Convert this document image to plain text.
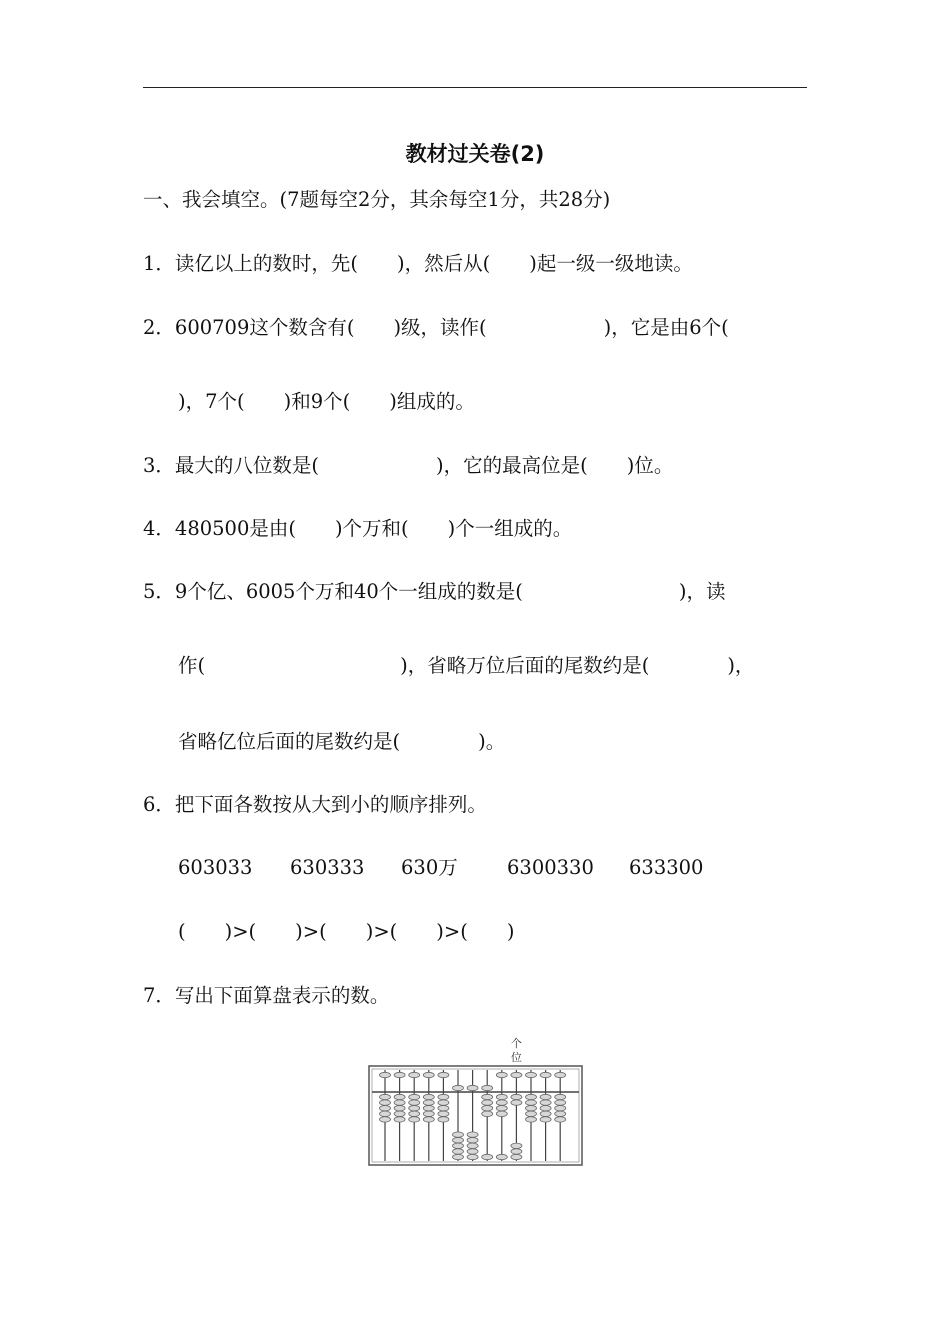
教材过关卷(2)
一、我会填空。(7题每空2分，其余每空1分，共28分)
1．读亿以上的数时，先(　　)，然后从(　　)起一级一级地读。
2．600709这个数含有(　　)级，读作(　　　　　　)，它是由6个(
)，7个(　　)和9个(　　)组成的。
3．最大的八位数是(　　　　　　)，它的最高位是(　　)位。
4．480500是由(　　)个万和(　　)个一组成的。
5．9个亿、6005个万和40个一组成的数是(　　　　　　　　)，读
作(　　　　　　　　　　)，省略万位后面的尾数约是(　　　　)，
省略亿位后面的尾数约是(　　　　)。
6．把下面各数按从大到小的顺序排列。
603033 630333 630万	6300330 633300
(　　)>(　　)>(　　)>(　　)>(　　)
7．写出下面算盘表示的数。
个
位
